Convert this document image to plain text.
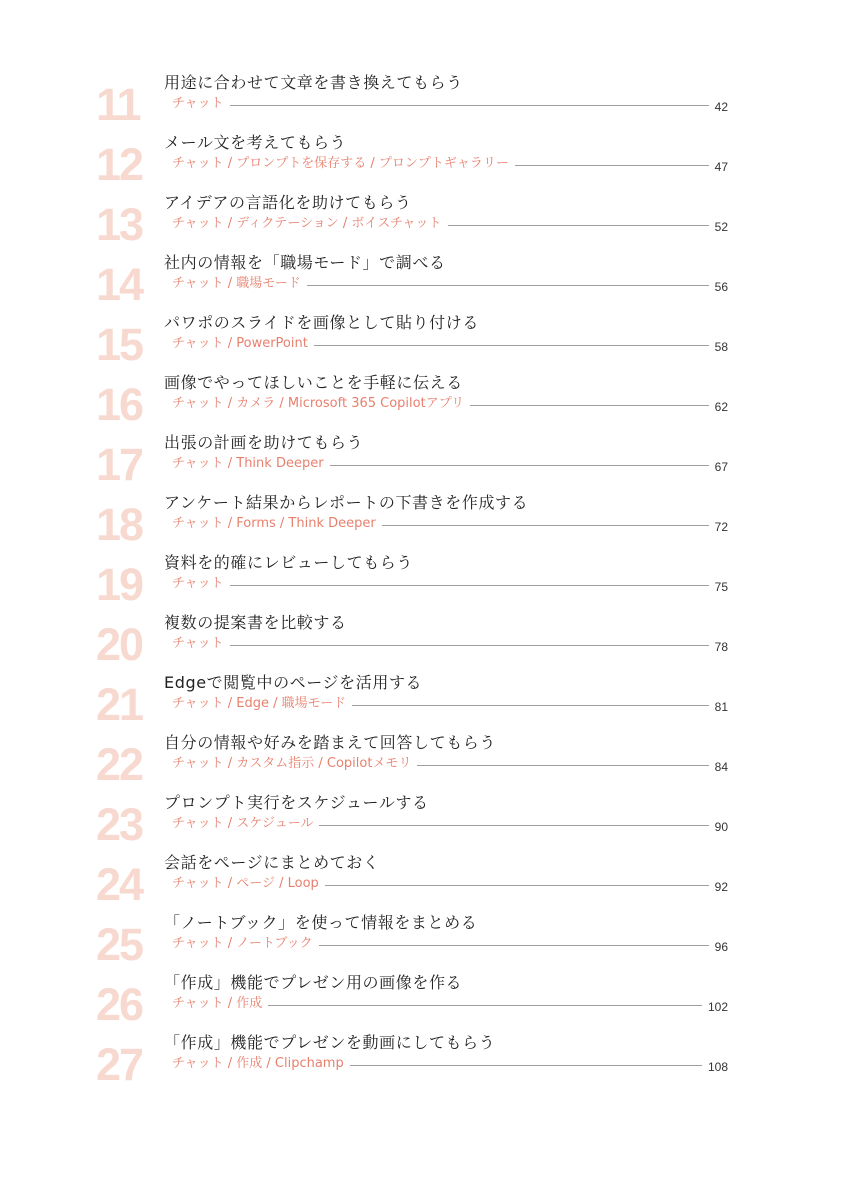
11	用途に合わせて文章を書き換えてもらう
チャット	42
12	メール文を考えてもらう
チャット / プロンプトを保存する / プロンプトギャラリー	47
13	アイデアの言語化を助けてもらう
チャット / ディクテーション / ボイスチャット	52
14	社内の情報を「職場モード」で調べる
チャット / 職場モード	56
15	パワポのスライドを画像として貼り付ける
チャット / PowerPoint	58
16	画像でやってほしいことを手軽に伝える
チャット / カメラ / Microsoft 365 Copilotアプリ	62
17	出張の計画を助けてもらう
チャット / Think Deeper	67
18	アンケート結果からレポートの下書きを作成する
チャット / Forms / Think Deeper	72
19	資料を的確にレビューしてもらう
チャット	75
20	複数の提案書を比較する
チャット	78
21	Edgeで閲覧中のページを活用する
チャット / Edge / 職場モード	81
22	自分の情報や好みを踏まえて回答してもらう
チャット / カスタム指示 / Copilotメモリ	84
23	プロンプト実行をスケジュールする
チャット / スケジュール	90
24	会話をページにまとめておく
チャット / ページ / Loop	92
25	「ノートブック」を使って情報をまとめる
チャット / ノートブック	96
26	「作成」機能でプレゼン用の画像を作る
チャット / 作成	102
27	「作成」機能でプレゼンを動画にしてもらう
チャット / 作成 / Clipchamp	108
